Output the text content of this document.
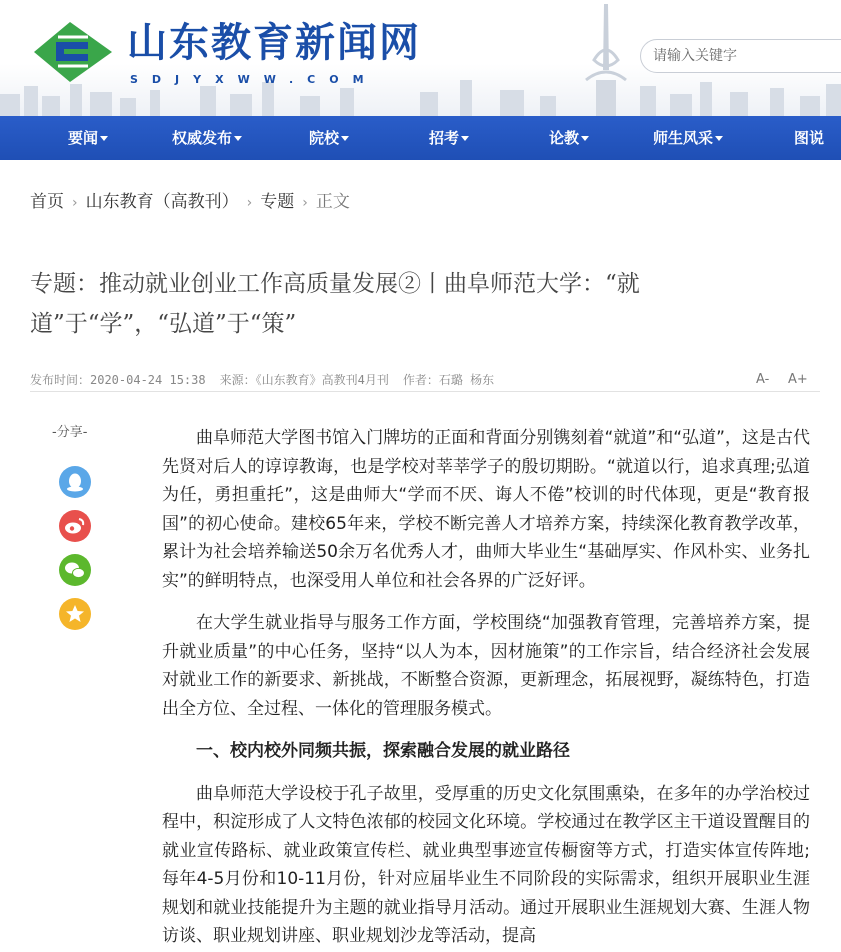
山东教育新闻网
SDJYXWW.COM
请输入关键字
要闻	权威发布	院校	招考	论教	师生风采	图说
首页 › 山东教育（高教刊） › 专题 › 正文
专题：推动就业创业工作高质量发展②丨曲阜师范大学：“就道”于“学”，“弘道”于“策”
发布时间：2020-04-24 15:38 来源：《山东教育》高教刊4月刊 作者：石璐 杨东	A- A+
-分享-	曲阜师范大学图书馆入门牌坊的正面和背面分别镌刻着“就道”和“弘道”，这是古代先贤对后人的谆谆教诲，也是学校对莘莘学子的殷切期盼。“就道以行，追求真理;弘道为任，勇担重托”，这是曲师大“学而不厌、诲人不倦”校训的时代体现，更是“教育报国”的初心使命。建校65年来，学校不断完善人才培养方案，持续深化教育教学改革，累计为社会培养输送50余万名优秀人才，曲师大毕业生“基础厚实、作风朴实、业务扎实”的鲜明特点，也深受用人单位和社会各界的广泛好评。

在大学生就业指导与服务工作方面，学校围绕“加强教育管理，完善培养方案，提升就业质量”的中心任务，坚持“以人为本，因材施策”的工作宗旨，结合经济社会发展对就业工作的新要求、新挑战，不断整合资源，更新理念，拓展视野，凝练特色，打造出全方位、全过程、一体化的管理服务模式。

一、校内校外同频共振，探索融合发展的就业路径

曲阜师范大学设校于孔子故里，受厚重的历史文化氛围熏染，在多年的办学治校过程中，积淀形成了人文特色浓郁的校园文化环境。学校通过在教学区主干道设置醒目的就业宣传路标、就业政策宣传栏、就业典型事迹宣传橱窗等方式，打造实体宣传阵地;每年4-5月份和10-11月份，针对应届毕业生不同阶段的实际需求，组织开展职业生涯规划和就业技能提升为主题的就业指导月活动。通过开展职业生涯规划大赛、生涯人物访谈、职业规划讲座、职业规划沙龙等活动，提高
